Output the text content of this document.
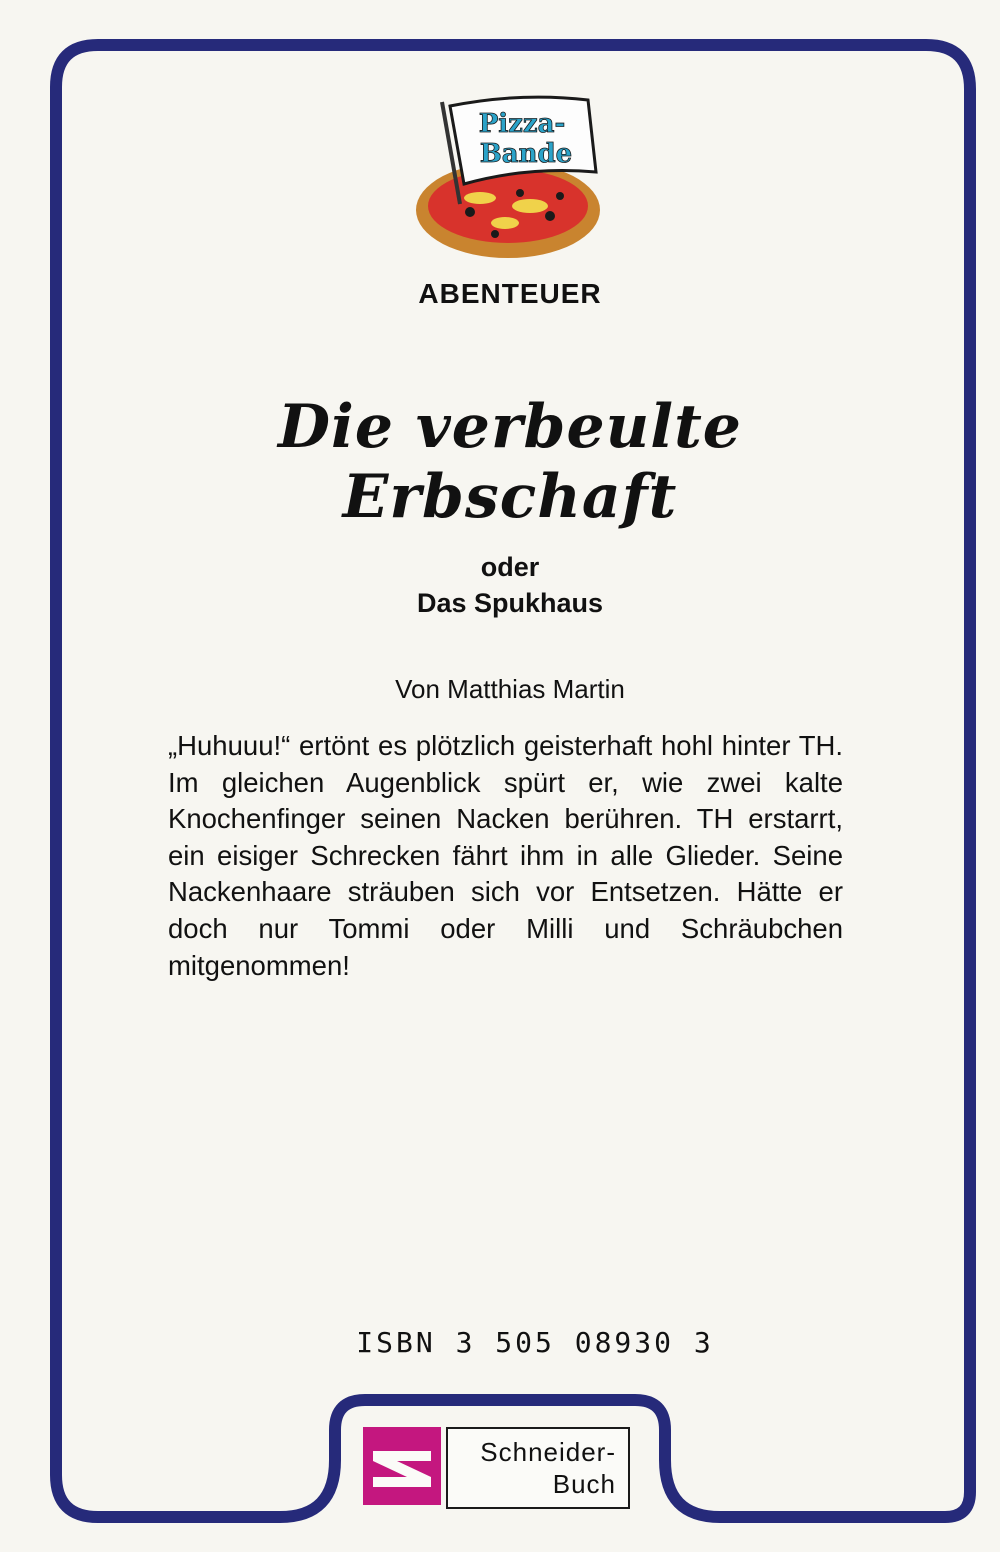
Pizza-
Bande
ABENTEUER
Die verbeulte
Erbschaft
oder
Das Spukhaus
Von Matthias Martin

„Huhuuu!“ ertönt es plötzlich geisterhaft hohl hinter TH. Im gleichen Augenblick spürt er, wie zwei kalte Knochenfinger seinen Nacken berühren. TH erstarrt, ein eisiger Schrecken fährt ihm in alle Glieder. Seine Nackenhaare sträuben sich vor Entsetzen. Hätte er doch nur Tommi oder Milli und Schräubchen mitgenommen!

ISBN 3 505 08930 3
Schneider-
Buch
